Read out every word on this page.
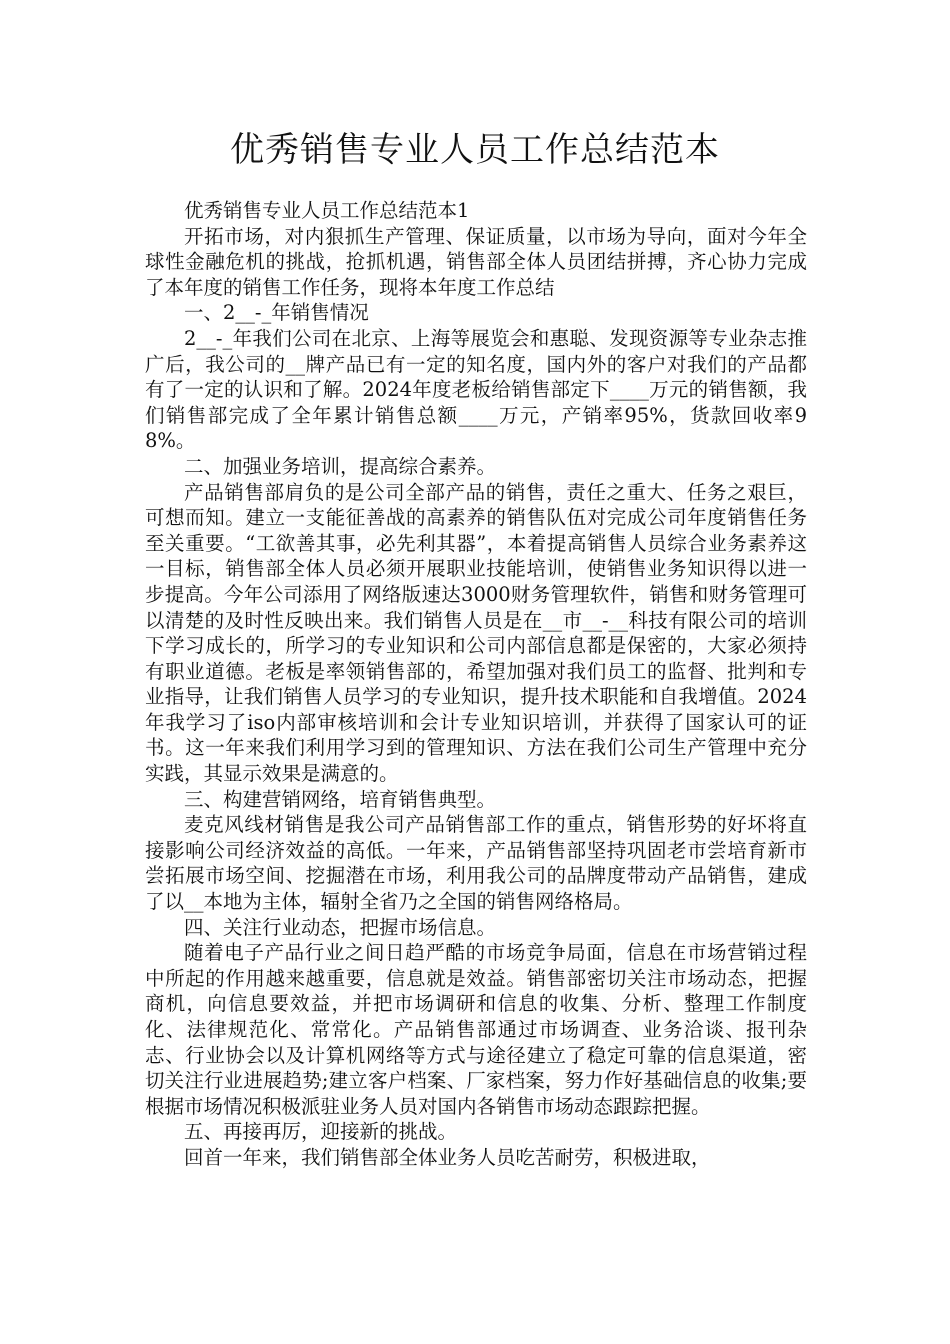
优秀销售专业人员工作总结范本

优秀销售专业人员工作总结范本1

开拓市场，对内狠抓生产管理、保证质量，以市场为导向，面对今年全球性金融危机的挑战，抢抓机遇，销售部全体人员团结拼搏，齐心协力完成了本年度的销售工作任务，现将本年度工作总结

一、2__-_年销售情况

2__-_年我们公司在北京、上海等展览会和惠聪、发现资源等专业杂志推广后，我公司的__牌产品已有一定的知名度，国内外的客户对我们的产品都有了一定的认识和了解。2024年度老板给销售部定下____万元的销售额，我们销售部完成了全年累计销售总额____万元，产销率95%，货款回收率98%。

二、加强业务培训，提高综合素养。

产品销售部肩负的是公司全部产品的销售，责任之重大、任务之艰巨，可想而知。建立一支能征善战的高素养的销售队伍对完成公司年度销售任务至关重要。“工欲善其事，必先利其器”，本着提高销售人员综合业务素养这一目标，销售部全体人员必须开展职业技能培训，使销售业务知识得以进一步提高。今年公司添用了网络版速达3000财务管理软件，销售和财务管理可以清楚的及时性反映出来。我们销售人员是在__市__-__科技有限公司的培训下学习成长的，所学习的专业知识和公司内部信息都是保密的，大家必须持有职业道德。老板是率领销售部的，希望加强对我们员工的监督、批判和专业指导，让我们销售人员学习的专业知识，提升技术职能和自我增值。2024年我学习了iso内部审核培训和会计专业知识培训，并获得了国家认可的证书。这一年来我们利用学习到的管理知识、方法在我们公司生产管理中充分实践，其显示效果是满意的。

三、构建营销网络，培育销售典型。

麦克风线材销售是我公司产品销售部工作的重点，销售形势的好坏将直接影响公司经济效益的高低。一年来，产品销售部坚持巩固老市尝培育新市尝拓展市场空间、挖掘潜在市场，利用我公司的品牌度带动产品销售，建成了以__本地为主体，辐射全省乃之全国的销售网络格局。

四、关注行业动态，把握市场信息。

随着电子产品行业之间日趋严酷的市场竞争局面，信息在市场营销过程中所起的作用越来越重要，信息就是效益。销售部密切关注市场动态，把握商机，向信息要效益，并把市场调研和信息的收集、分析、整理工作制度化、法律规范化、常常化。产品销售部通过市场调查、业务洽谈、报刊杂志、行业协会以及计算机网络等方式与途径建立了稳定可靠的信息渠道，密切关注行业进展趋势;建立客户档案、厂家档案，努力作好基础信息的收集;要根据市场情况积极派驻业务人员对国内各销售市场动态跟踪把握。

五、再接再厉，迎接新的挑战。

回首一年来，我们销售部全体业务人员吃苦耐劳，积极进取，
